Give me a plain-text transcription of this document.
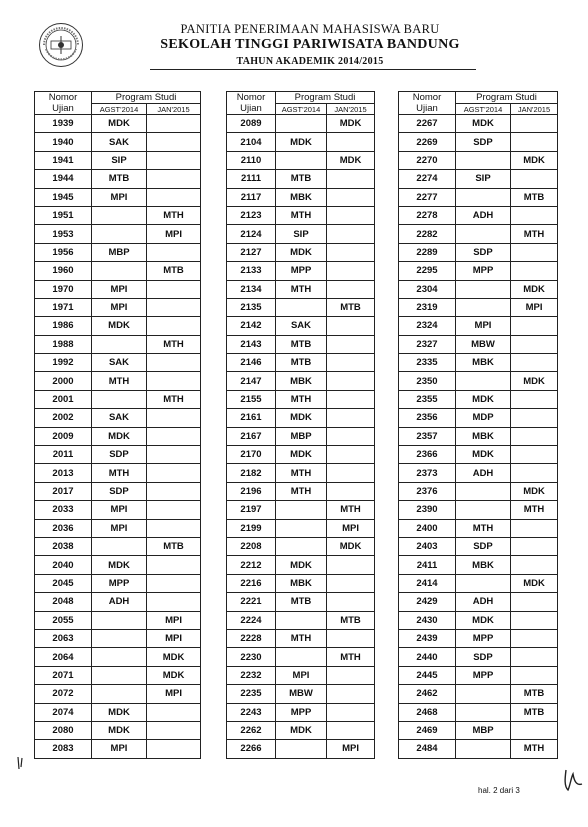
PANITIA PENERIMAAN MAHASISWA BARU
SEKOLAH TINGGI PARIWISATA BANDUNG
TAHUN AKADEMIK 2014/2015
Nomor
Ujian	Program Studi	
	AGST'2014	JAN'2015
1939	MDK	
1940	SAK	
1941	SIP	
1944	MTB	
1945	MPI	
1951		MTH
1953		MPI
1956	MBP	
1960		MTB
1970	MPI	
1971	MPI	
1986	MDK	
1988		MTH
1992	SAK	
2000	MTH	
2001		MTH
2002	SAK	
2009	MDK	
2011	SDP	
2013	MTH	
2017	SDP	
2033	MPI	
2036	MPI	
2038		MTB
2040	MDK	
2045	MPP	
2048	ADH	
2055		MPI
2063		MPI
2064		MDK
2071		MDK
2072		MPI
2074	MDK	
2080	MDK	
2083	MPI	
Nomor
Ujian	Program Studi	
	AGST'2014	JAN'2015
2089		MDK
2104	MDK	
2110		MDK
2111	MTB	
2117	MBK	
2123	MTH	
2124	SIP	
2127	MDK	
2133	MPP	
2134	MTH	
2135		MTB
2142	SAK	
2143	MTB	
2146	MTB	
2147	MBK	
2155	MTH	
2161	MDK	
2167	MBP	
2170	MDK	
2182	MTH	
2196	MTH	
2197		MTH
2199		MPI
2208		MDK
2212	MDK	
2216	MBK	
2221	MTB	
2224		MTB
2228	MTH	
2230		MTH
2232	MPI	
2235	MBW	
2243	MPP	
2262	MDK	
2266		MPI
Nomor
Ujian	Program Studi	
	AGST'2014	JAN'2015
2267	MDK	
2269	SDP	
2270		MDK
2274	SIP	
2277		MTB
2278	ADH	
2282		MTH
2289	SDP	
2295	MPP	
2304		MDK
2319		MPI
2324	MPI	
2327	MBW	
2335	MBK	
2350		MDK
2355	MDK	
2356	MDP	
2357	MBK	
2366	MDK	
2373	ADH	
2376		MDK
2390		MTH
2400	MTH	
2403	SDP	
2411	MBK	
2414		MDK
2429	ADH	
2430	MDK	
2439	MPP	
2440	SDP	
2445	MPP	
2462		MTB
2468		MTB
2469	MBP	
2484		MTH
hal. 2 dari 3
